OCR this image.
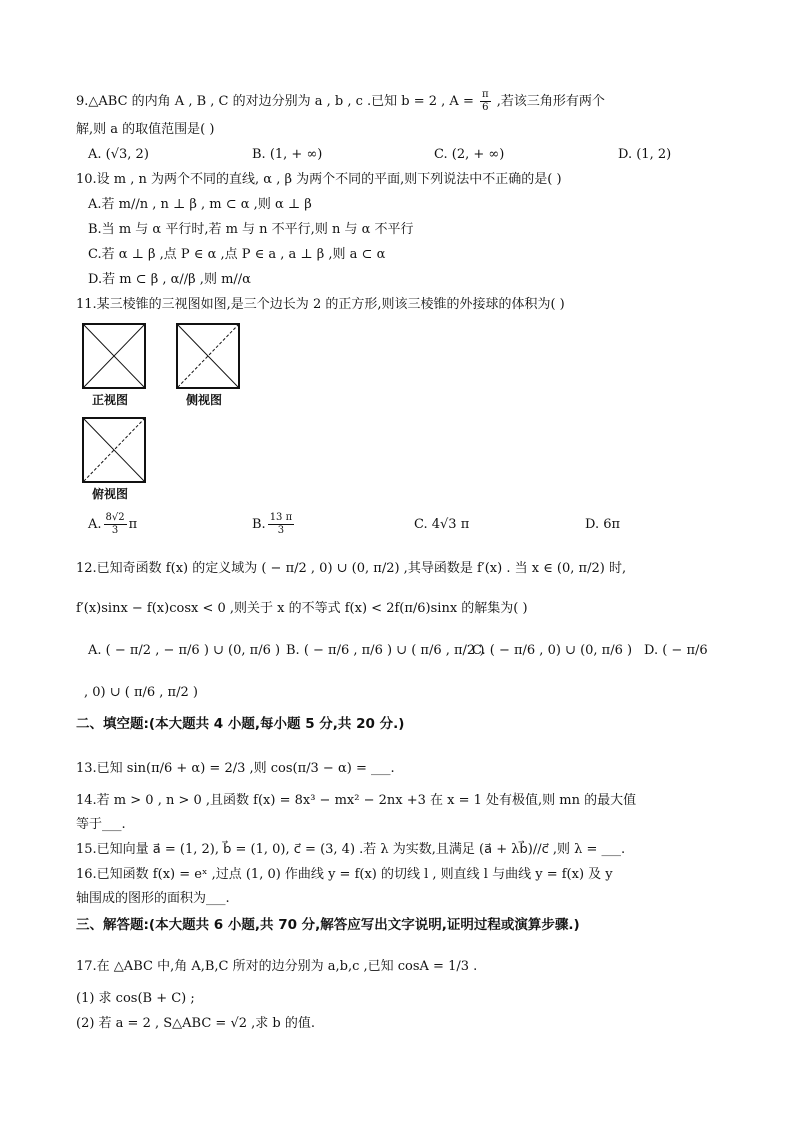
9.△ABC 的内角 A , B , C 的对边分别为 a , b , c .已知 b = 2 , $A = \frac{\pi}{6}$ ,若该三角形有两个
解,则 a 的取值范围是( )
A. (√3, 2)	B. (1, + ∞)	C. (2, + ∞)	D. (1, 2)
10.设 m , n 为两个不同的直线, α , β 为两个不同的平面,则下列说法中不正确的是( )
A.若 m//n , n ⊥ β , m ⊂ α ,则 α ⊥ β
B.当 m 与 α 平行时,若 m 与 n 不平行,则 n 与 α 不平行
C.若 α ⊥ β ,点 P ∈ α ,点 P ∈ a , a ⊥ β ,则 a ⊂ α
D.若 m ⊂ β , α//β ,则 m//α
11.某三棱锥的三视图如图,是三个边长为 2 的正方形,则该三棱锥的外接球的体积为( )
正视图	侧视图
俯视图
A. $\frac{8√2}{3}$ π	B. $\frac{13 \pi}{3}$	C. 4√3 π	D. 6π
12.已知奇函数 f(x) 的定义域为 ( − π/2 , 0) ∪ (0, π/2) ,其导函数是 f′(x) . 当 x ∈ (0, π/2) 时,
f′(x)sinx − f(x)cosx < 0 ,则关于 x 的不等式 f(x) < 2f(π/6)sinx 的解集为( )
A. ( − π/2 , − π/6 ) ∪ (0, π/6 ) B. ( − π/6 , π/6 ) ∪ ( π/6 , π/2 )
C. ( − π/6 , 0) ∪ (0, π/6 ) D. ( − π/6
, 0) ∪ ( π/6 , π/2 )
二、填空题:(本大题共 4 小题,每小题 5 分,共 20 分.)
13.已知 sin(π/6 + α) = 2/3 ,则 cos(π/3 − α) = ___.
14.若 m > 0 , n > 0 ,且函数 f(x) = 8x³ − mx² − 2nx +3 在 x = 1 处有极值,则 mn 的最大值
等于___.
15.已知向量 a⃗ = (1, 2), b⃗ = (1, 0), c⃗ = (3, 4) .若 λ 为实数,且满足 (a⃗ + λb⃗)//c⃗ ,则 λ = ___.
16.已知函数 f(x) = eˣ ,过点 (1, 0) 作曲线 y = f(x) 的切线 l , 则直线 l 与曲线 y = f(x) 及 y
轴围成的图形的面积为___.
三、解答题:(本大题共 6 小题,共 70 分,解答应写出文字说明,证明过程或演算步骤.)
17.在 △ABC 中,角 A,B,C 所对的边分别为 a,b,c ,已知 cosA = 1/3 .
(1) 求 cos(B + C) ;
(2) 若 a = 2 , S△ABC = √2 ,求 b 的值.
